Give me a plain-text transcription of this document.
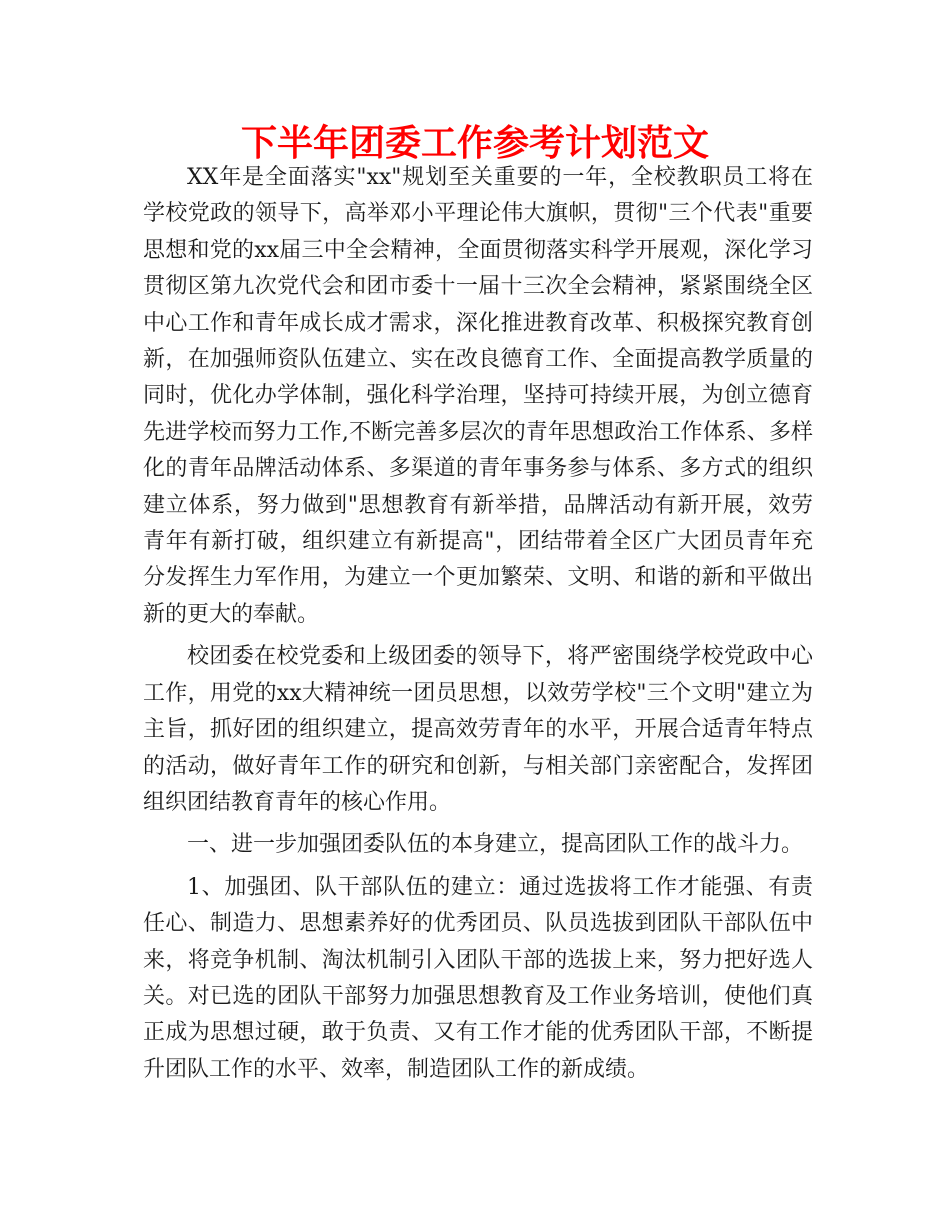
下半年团委工作参考计划范文

XX年是全面落实"xx"规划至关重要的一年，全校教职员工将在学校党政的领导下，高举邓小平理论伟大旗帜，贯彻"三个代表"重要思想和党的xx届三中全会精神，全面贯彻落实科学开展观，深化学习贯彻区第九次党代会和团市委十一届十三次全会精神，紧紧围绕全区中心工作和青年成长成才需求，深化推进教育改革、积极探究教育创新，在加强师资队伍建立、实在改良德育工作、全面提高教学质量的同时，优化办学体制，强化科学治理，坚持可持续开展，为创立德育先进学校而努力工作,不断完善多层次的青年思想政治工作体系、多样化的青年品牌活动体系、多渠道的青年事务参与体系、多方式的组织建立体系，努力做到"思想教育有新举措，品牌活动有新开展，效劳青年有新打破，组织建立有新提高"，团结带着全区广大团员青年充分发挥生力军作用，为建立一个更加繁荣、文明、和谐的新和平做出新的更大的奉献。

校团委在校党委和上级团委的领导下，将严密围绕学校党政中心工作，用党的xx大精神统一团员思想，以效劳学校"三个文明"建立为主旨，抓好团的组织建立，提高效劳青年的水平，开展合适青年特点的活动，做好青年工作的研究和创新，与相关部门亲密配合，发挥团组织团结教育青年的核心作用。

一、进一步加强团委队伍的本身建立，提高团队工作的战斗力。

1、加强团、队干部队伍的建立：通过选拔将工作才能强、有责任心、制造力、思想素养好的优秀团员、队员选拔到团队干部队伍中来，将竞争机制、淘汰机制引入团队干部的选拔上来，努力把好选人关。对已选的团队干部努力加强思想教育及工作业务培训，使他们真正成为思想过硬，敢于负责、又有工作才能的优秀团队干部，不断提升团队工作的水平、效率，制造团队工作的新成绩。
